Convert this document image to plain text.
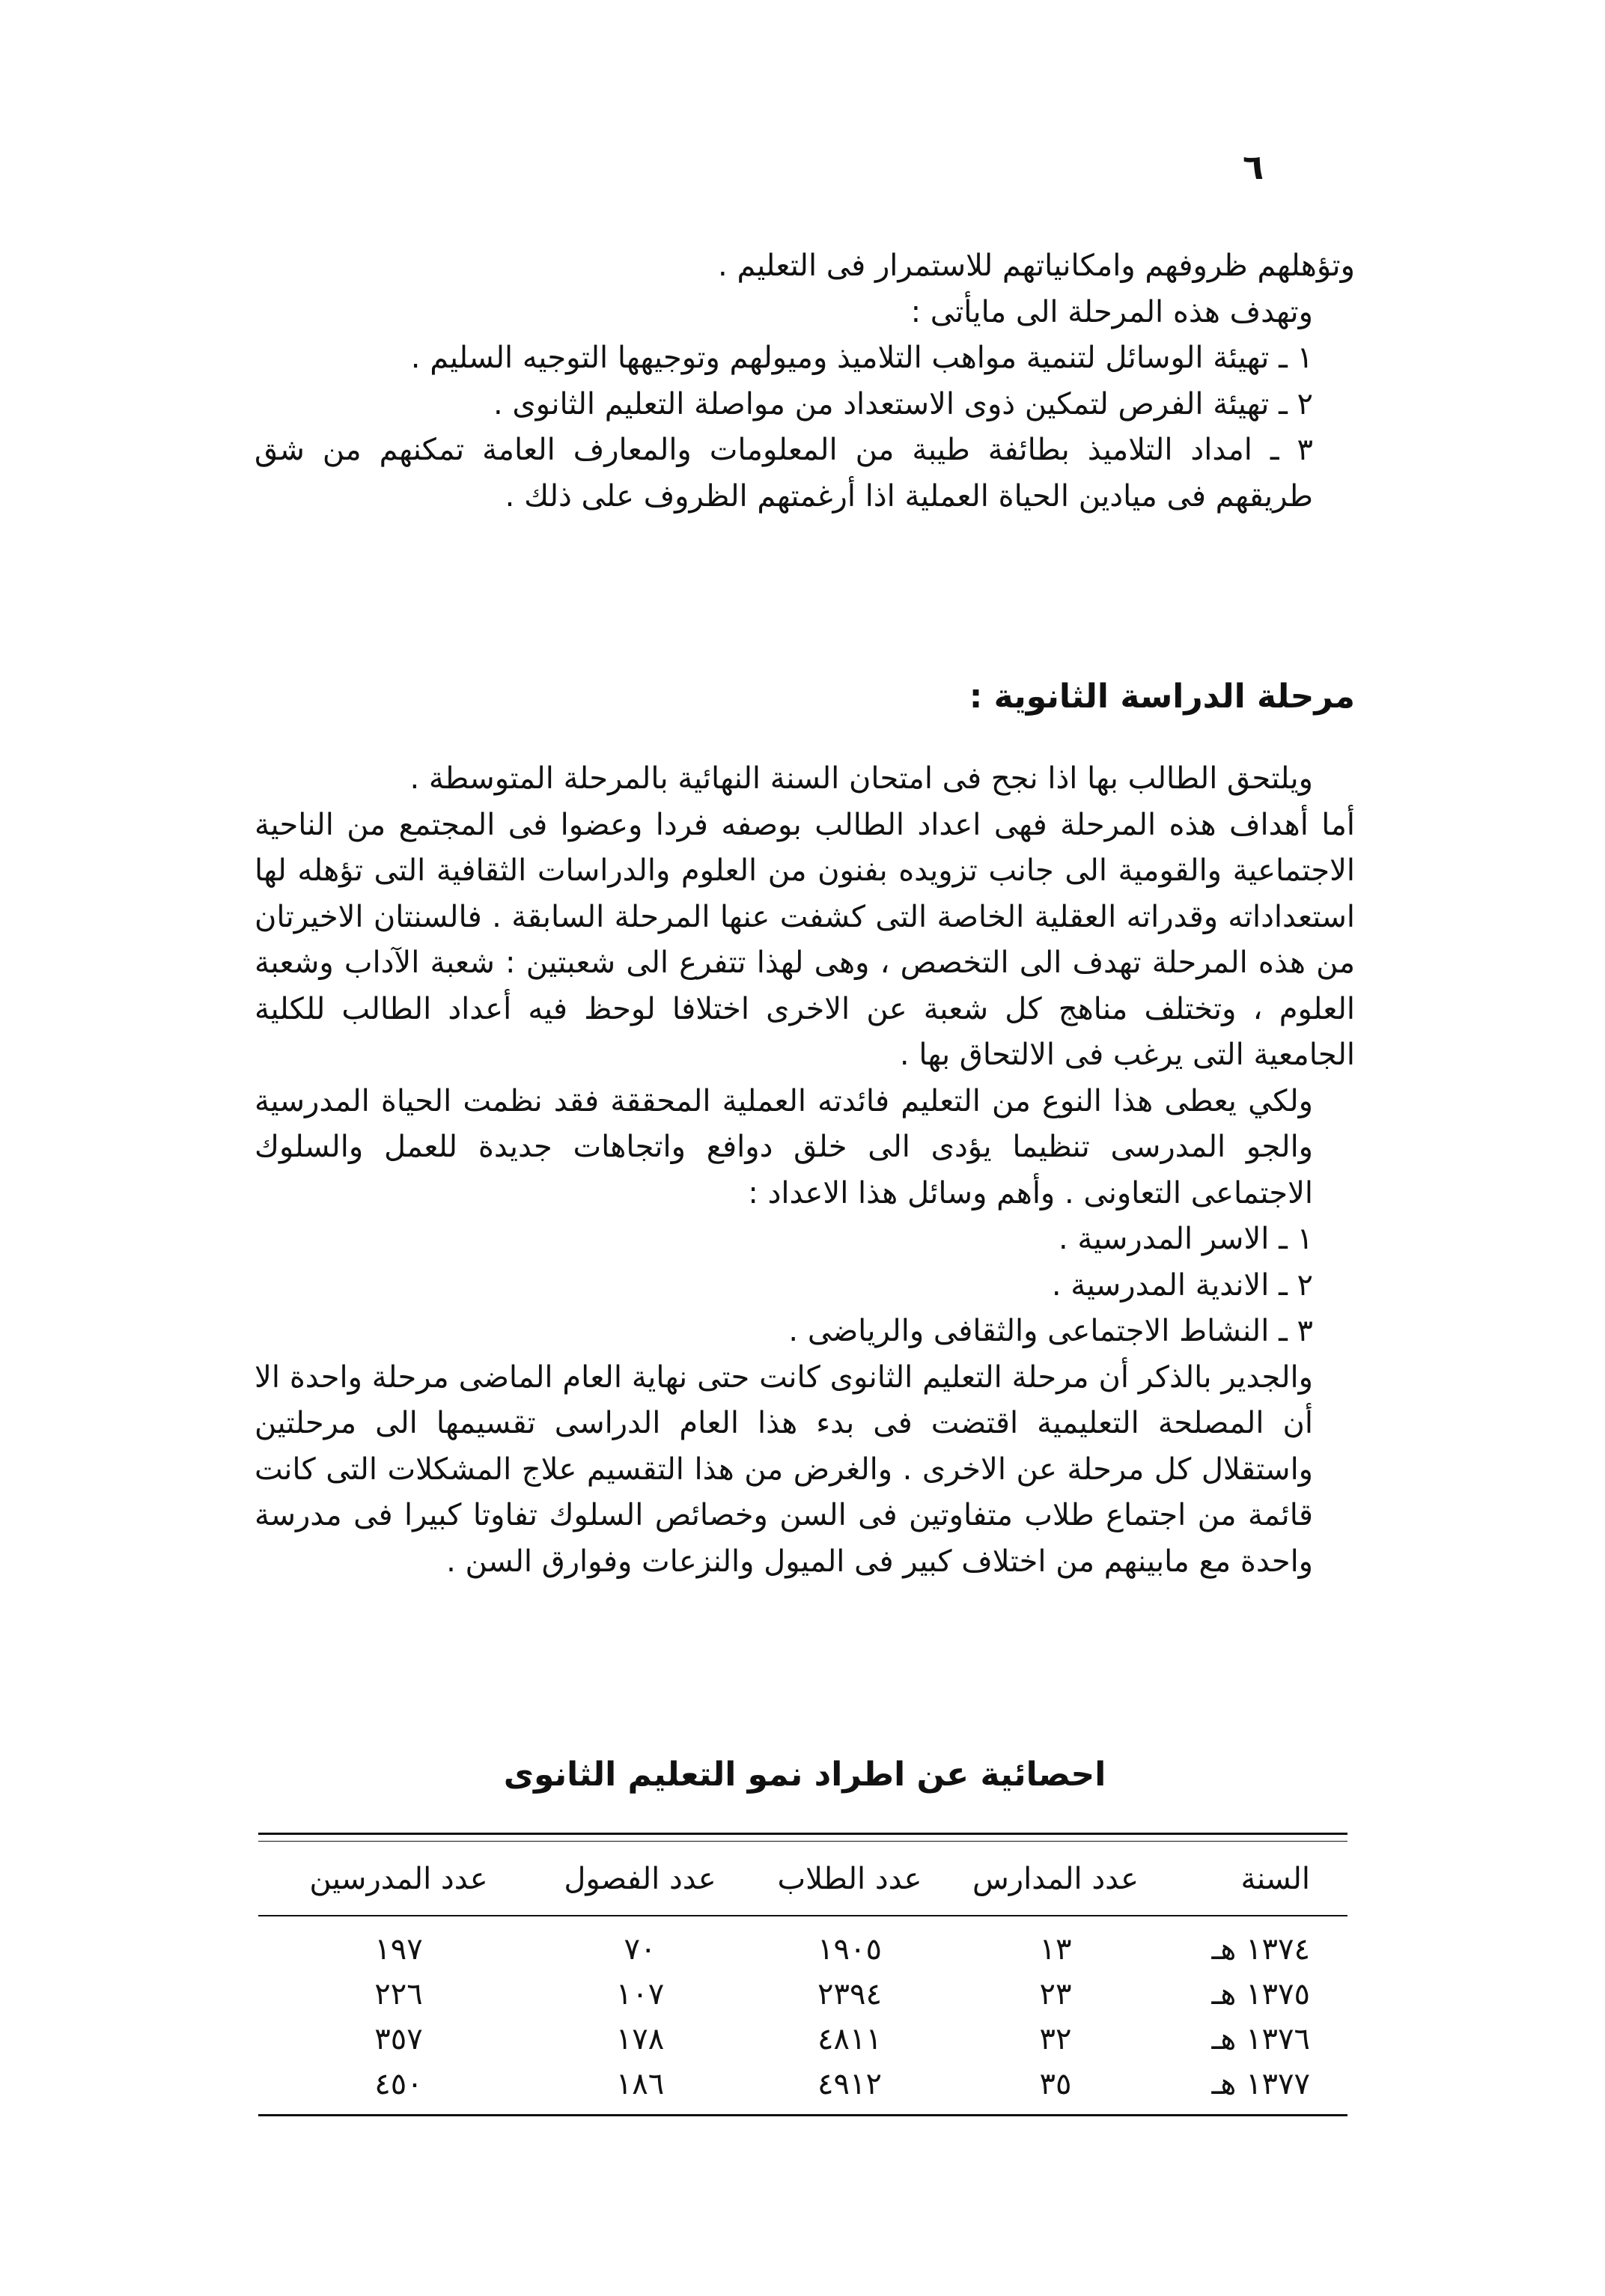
٦

وتؤهلهم ظروفهم وامكانياتهم للاستمرار فى التعليم .

وتهدف هذه المرحلة الى مايأتى :

١ ـ تهيئة الوسائل لتنمية مواهب التلاميذ وميولهم وتوجيهها التوجيه السليم .

٢ ـ تهيئة الفرص لتمكين ذوى الاستعداد من مواصلة التعليم الثانوى .

٣ ـ امداد التلاميذ بطائفة طيبة من المعلومات والمعارف العامة تمكنهم من شق طريقهم فى ميادين الحياة العملية اذا أرغمتهم الظروف على ذلك .

مرحلة الدراسة الثانوية :

ويلتحق الطالب بها اذا نجح فى امتحان السنة النهائية بالمرحلة المتوسطة .

أما أهداف هذه المرحلة فهى اعداد الطالب بوصفه فردا وعضوا فى المجتمع من الناحية الاجتماعية والقومية الى جانب تزويده بفنون من العلوم والدراسات الثقافية التى تؤهله لها استعداداته وقدراته العقلية الخاصة التى كشفت عنها المرحلة السابقة . فالسنتان الاخيرتان من هذه المرحلة تهدف الى التخصص ، وهى لهذا تتفرع الى شعبتين : شعبة الآداب وشعبة العلوم ، وتختلف مناهج كل شعبة عن الاخرى اختلافا لوحظ فيه أعداد الطالب للكلية الجامعية التى يرغب فى الالتحاق بها .

ولكي يعطى هذا النوع من التعليم فائدته العملية المحققة فقد نظمت الحياة المدرسية والجو المدرسى تنظيما يؤدى الى خلق دوافع واتجاهات جديدة للعمل والسلوك الاجتماعى التعاونى . وأهم وسائل هذا الاعداد :

١ ـ الاسر المدرسية .

٢ ـ الاندية المدرسية .

٣ ـ النشاط الاجتماعى والثقافى والرياضى .

والجدير بالذكر أن مرحلة التعليم الثانوى كانت حتى نهاية العام الماضى مرحلة واحدة الا أن المصلحة التعليمية اقتضت فى بدء هذا العام الدراسى تقسيمها الى مرحلتين واستقلال كل مرحلة عن الاخرى . والغرض من هذا التقسيم علاج المشكلات التى كانت قائمة من اجتماع طلاب متفاوتين فى السن وخصائص السلوك تفاوتا كبيرا فى مدرسة واحدة مع مابينهم من اختلاف كبير فى الميول والنزعات وفوارق السن .

احصائية عن اطراد نمو التعليم الثانوى
السنة
عدد المدارس
عدد الطلاب
عدد الفصول
عدد المدرسين
١٣٧٤ هـ
١٣
١٩٠٥
٧٠
١٩٧
١٣٧٥ هـ
٢٣
٢٣٩٤
١٠٧
٢٢٦
١٣٧٦ هـ
٣٢
٤٨١١
١٧٨
٣٥٧
١٣٧٧ هـ
٣٥
٤٩١٢
١٨٦
٤٥٠
